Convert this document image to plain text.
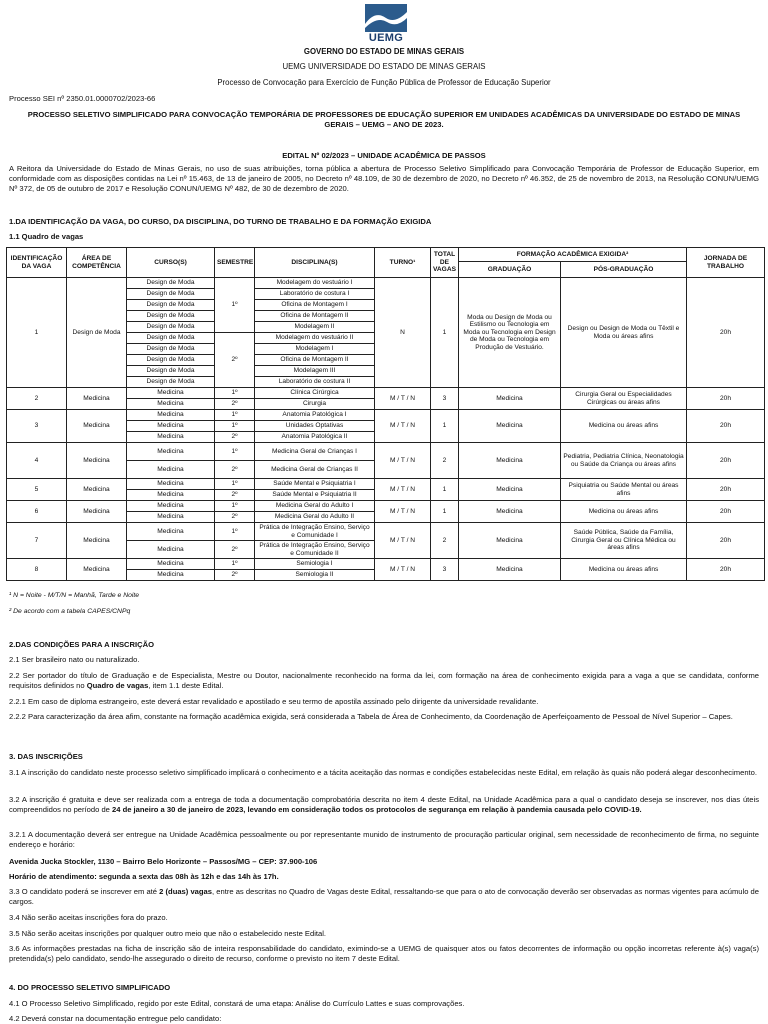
UEMG
GOVERNO DO ESTADO DE MINAS GERAIS
UEMG UNIVERSIDADE DO ESTADO DE MINAS GERAIS
Processo de Convocação para Exercício de Função Pública de Professor de Educação Superior
Processo SEI nº 2350.01.0000702/2023-66
PROCESSO SELETIVO SIMPLIFICADO PARA CONVOCAÇÃO TEMPORÁRIA DE PROFESSORES DE EDUCAÇÃO SUPERIOR EM UNIDADES ACADÊMICAS DA UNIVERSIDADE DO ESTADO DE MINAS GERAIS – UEMG – ANO DE 2023.
EDITAL Nº 02/2023 – UNIDADE ACADÊMICA DE PASSOS
A Reitora da Universidade do Estado de Minas Gerais, no uso de suas atribuições, torna pública a abertura de Processo Seletivo Simplificado para Convocação Temporária de Professor de Educação Superior, em conformidade com as disposições contidas na Lei nº 15.463, de 13 de janeiro de 2005, no Decreto nº 48.109, de 30 de dezembro de 2020, no Decreto nº 46.352, de 25 de novembro de 2013, na Resolução CONUN/UEMG Nº 372, de 05 de outubro de 2017 e Resolução CONUN/UEMG Nº 482, de 30 de dezembro de 2020.
1.DA IDENTIFICAÇÃO DA VAGA, DO CURSO, DA DISCIPLINA, DO TURNO DE TRABALHO E DA FORMAÇÃO EXIGIDA
1.1 Quadro de vagas
IDENTIFICAÇÃO DA VAGA	ÁREA DE COMPETÊNCIA	CURSO(S)	SEMESTRE	DISCIPLINA(S)	TURNO¹	TOTAL DE VAGAS	FORMAÇÃO ACADÊMICA EXIGIDA²		JORNADA DE TRABALHO
							GRADUAÇÃO	PÓS-GRADUAÇÃO	
1	Design de Moda	Design de Moda	1º	Modelagem do vestuário I	N	1	Moda ou Design de Moda ou Estilismo ou Tecnologia em Moda ou Tecnologia em Design de Moda ou Tecnologia em Produção de Vestuário.	Design ou Design de Moda ou Têxtil e Moda ou áreas afins	20h
		Design de Moda		Laboratório de costura I					
		Design de Moda		Oficina de Montagem I					
		Design de Moda		Oficina de Montagem II					
		Design de Moda		Modelagem II					
		Design de Moda	2º	Modelagem do vestuário II					
		Design de Moda		Modelagem I					
		Design de Moda		Oficina de Montagem II					
		Design de Moda		Modelagem III					
		Design de Moda		Laboratório de costura II					
2	Medicina	Medicina	1º	Clínica Cirúrgica	M / T / N	3	Medicina	Cirurgia Geral ou Especialidades Cirúrgicas ou áreas afins	20h
		Medicina	2º	Cirurgia					
3	Medicina	Medicina	1º	Anatomia Patológica I	M / T / N	1	Medicina	Medicina ou áreas afins	20h
		Medicina	1º	Unidades Optativas					
		Medicina	2º	Anatomia Patológica II					
4	Medicina	Medicina	1º	Medicina Geral de Crianças I	M / T / N	2	Medicina	Pediatria, Pediatria Clínica, Neonatologia ou Saúde da Criança ou áreas afins	20h
		Medicina	2º	Medicina Geral de Crianças II					
5	Medicina	Medicina	1º	Saúde Mental e Psiquiatria I	M / T / N	1	Medicina	Psiquiatria ou Saúde Mental ou áreas afins	20h
		Medicina	2º	Saúde Mental e Psiquiatria II					
6	Medicina	Medicina	1º	Medicina Geral do Adulto I	M / T / N	1	Medicina	Medicina ou áreas afins	20h
		Medicina	2º	Medicina Geral do Adulto II					
7	Medicina	Medicina	1º	Prática de Integração Ensino, Serviço e Comunidade I	M / T / N	2	Medicina	Saúde Pública, Saúde da Família, Cirurgia Geral ou Clínica Médica ou áreas afins	20h
		Medicina	2º	Prática de Integração Ensino, Serviço e Comunidade II					
8	Medicina	Medicina	1º	Semiologia I	M / T / N	3	Medicina	Medicina ou áreas afins	20h
		Medicina	2º	Semiologia II					
¹ N = Noite - M/T/N = Manhã, Tarde e Noite
² De acordo com a tabela CAPES/CNPq
2.DAS CONDIÇÕES PARA A INSCRIÇÃO
2.1 Ser brasileiro nato ou naturalizado.
2.2 Ser portador do título de Graduação e de Especialista, Mestre ou Doutor, nacionalmente reconhecido na forma da lei, com formação na área de conhecimento exigida para a vaga a que se candidata, conforme requisitos definidos no Quadro de vagas, item 1.1 deste Edital.
2.2.1 Em caso de diploma estrangeiro, este deverá estar revalidado e apostilado e seu termo de apostila assinado pelo dirigente da universidade revalidante.
2.2.2 Para caracterização da área afim, constante na formação acadêmica exigida, será considerada a Tabela de Área de Conhecimento, da Coordenação de Aperfeiçoamento de Pessoal de Nível Superior – Capes.
3. DAS INSCRIÇÕES
3.1 A inscrição do candidato neste processo seletivo simplificado implicará o conhecimento e a tácita aceitação das normas e condições estabelecidas neste Edital, em relação às quais não poderá alegar desconhecimento.
3.2 A inscrição é gratuita e deve ser realizada com a entrega de toda a documentação comprobatória descrita no item 4 deste Edital, na Unidade Acadêmica para a qual o candidato deseja se inscrever, nos dias úteis compreendidos no período de 24 de janeiro a 30 de janeiro de 2023, levando em consideração todos os protocolos de segurança em relação à pandemia causada pelo COVID-19.
3.2.1 A documentação deverá ser entregue na Unidade Acadêmica pessoalmente ou por representante munido de instrumento de procuração particular original, sem necessidade de reconhecimento de firma, no seguinte endereço e horário:
Avenida Jucka Stockler, 1130 – Bairro Belo Horizonte – Passos/MG – CEP: 37.900-106
Horário de atendimento: segunda a sexta das 08h às 12h e das 14h às 17h.
3.3 O candidato poderá se inscrever em até 2 (duas) vagas, entre as descritas no Quadro de Vagas deste Edital, ressaltando-se que para o ato de convocação deverão ser observadas as normas vigentes para acúmulo de cargos.
3.4 Não serão aceitas inscrições fora do prazo.
3.5 Não serão aceitas inscrições por qualquer outro meio que não o estabelecido neste Edital.
3.6 As informações prestadas na ficha de inscrição são de inteira responsabilidade do candidato, eximindo-se a UEMG de quaisquer atos ou fatos decorrentes de informação ou opção incorretas referente à(s) vaga(s) pretendida(s) pelo candidato, sendo-lhe assegurado o direito de recurso, conforme o previsto no item 7 deste Edital.
4. DO PROCESSO SELETIVO SIMPLIFICADO
4.1 O Processo Seletivo Simplificado, regido por este Edital, constará de uma etapa: Análise do Currículo Lattes e suas comprovações.
4.2 Deverá constar na documentação entregue pelo candidato:
